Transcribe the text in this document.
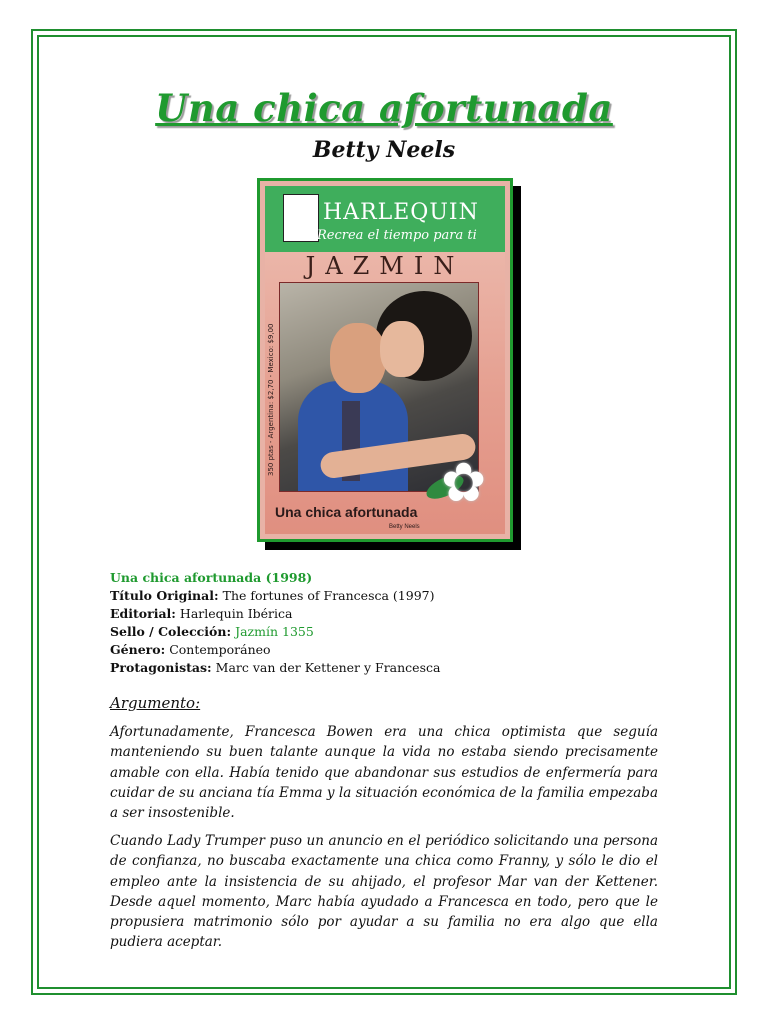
Una chica afortunada
Betty Neels
HARLEQUIN
Recrea el tiempo para ti
JAZMIN
350 ptas - Argentina: $2,70 - Mexico: $9,00
✿
Una chica afortunada
Betty Neels
Una chica afortunada (1998)
Título Original: The fortunes of Francesca (1997)
Editorial: Harlequin Ibérica
Sello / Colección: Jazmín 1355
Género: Contemporáneo
Protagonistas: Marc van der Kettener y Francesca
Argumento:
Afortunadamente, Francesca Bowen era una chica optimista que seguía manteniendo su buen talante aunque la vida no estaba siendo precisamente amable con ella. Había tenido que abandonar sus estudios de enfermería para cuidar de su anciana tía Emma y la situación económica de la familia empezaba a ser insostenible.
Cuando Lady Trumper puso un anuncio en el periódico solicitando una persona de confianza, no buscaba exactamente una chica como Franny, y sólo le dio el empleo ante la insistencia de su ahijado, el profesor Mar van der Kettener. Desde aquel momento, Marc había ayudado a Francesca en todo, pero que le propusiera matrimonio sólo por ayudar a su familia no era algo que ella pudiera aceptar.
